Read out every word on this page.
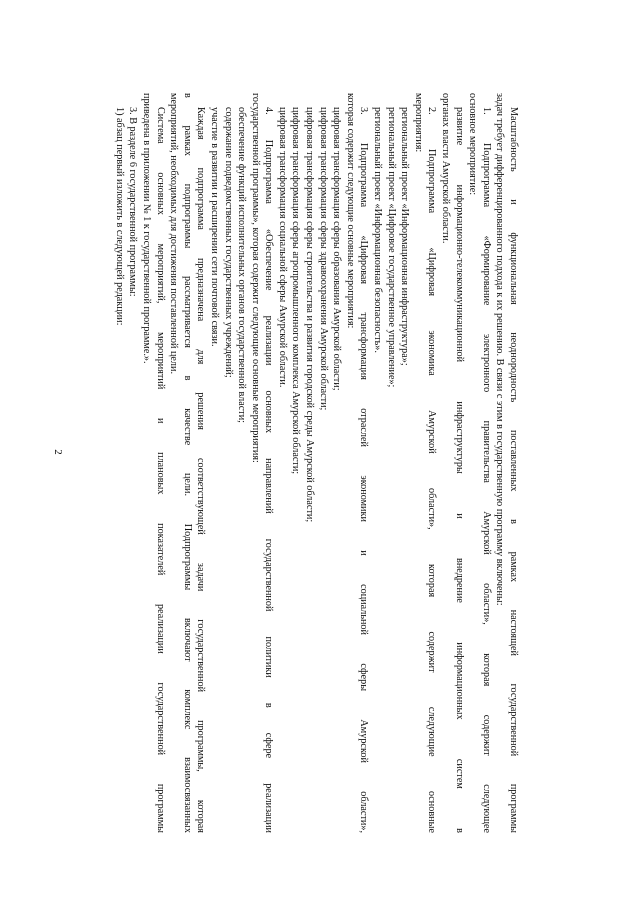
2	Масштабность и функциональная неоднородность поставленных в рамках настоящей государственной программы
задач требует дифференцированного подхода к их решению. В связи с этим в государственную программу включены:
1. Подпрограмма «Формирование электронного правительства Амурской области», которая содержит следующее
основное мероприятие:
развитие информационно-телекоммуникационной инфраструктуры и внедрение информационных систем в
органах власти Амурской области.
2. Подпрограмма «Цифровая экономика Амурской области», которая содержит следующие основные
мероприятия:
региональный проект «Информационная инфраструктура»;
региональный проект «Цифровое государственное управление»;
региональный проект «Информационная безопасность».
3. Подпрограмма «Цифровая трансформация отраслей экономики и социальной сферы Амурской области»,
которая содержит следующие основные мероприятия:
цифровая трансформация сферы образования Амурской области;
цифровая трансформация сферы здравоохранения Амурской области;
цифровая трансформация сферы строительства и развития городской среды Амурской области;
цифровая трансформация сферы агропромышленного комплекса Амурской области;
цифровая трансформация социальной сферы Амурской области.
4. Подпрограмма «Обеспечение реализации основных направлений государственной политики в сфере реализации
государственной программы», которая содержит следующие основные мероприятия:
обеспечение функций исполнительных органов государственной власти;
содержание подведомственных государственных учреждений;
участие в развитии и расширении сети почтовой связи.
Каждая подпрограмма предназначена для решения соответствующей задачи государственной программы, которая
в рамках подпрограммы рассматривается в качестве цели. Подпрограммы включают комплекс взаимосвязанных
мероприятий, необходимых для достижения поставленной цели.
Система основных мероприятий, мероприятий и плановых показателей реализации государственной программы
приведена в приложении № 1 к государственной программе.».
3. В разделе 6 государственной программы:
1) абзац первый изложить в следующей редакции:
